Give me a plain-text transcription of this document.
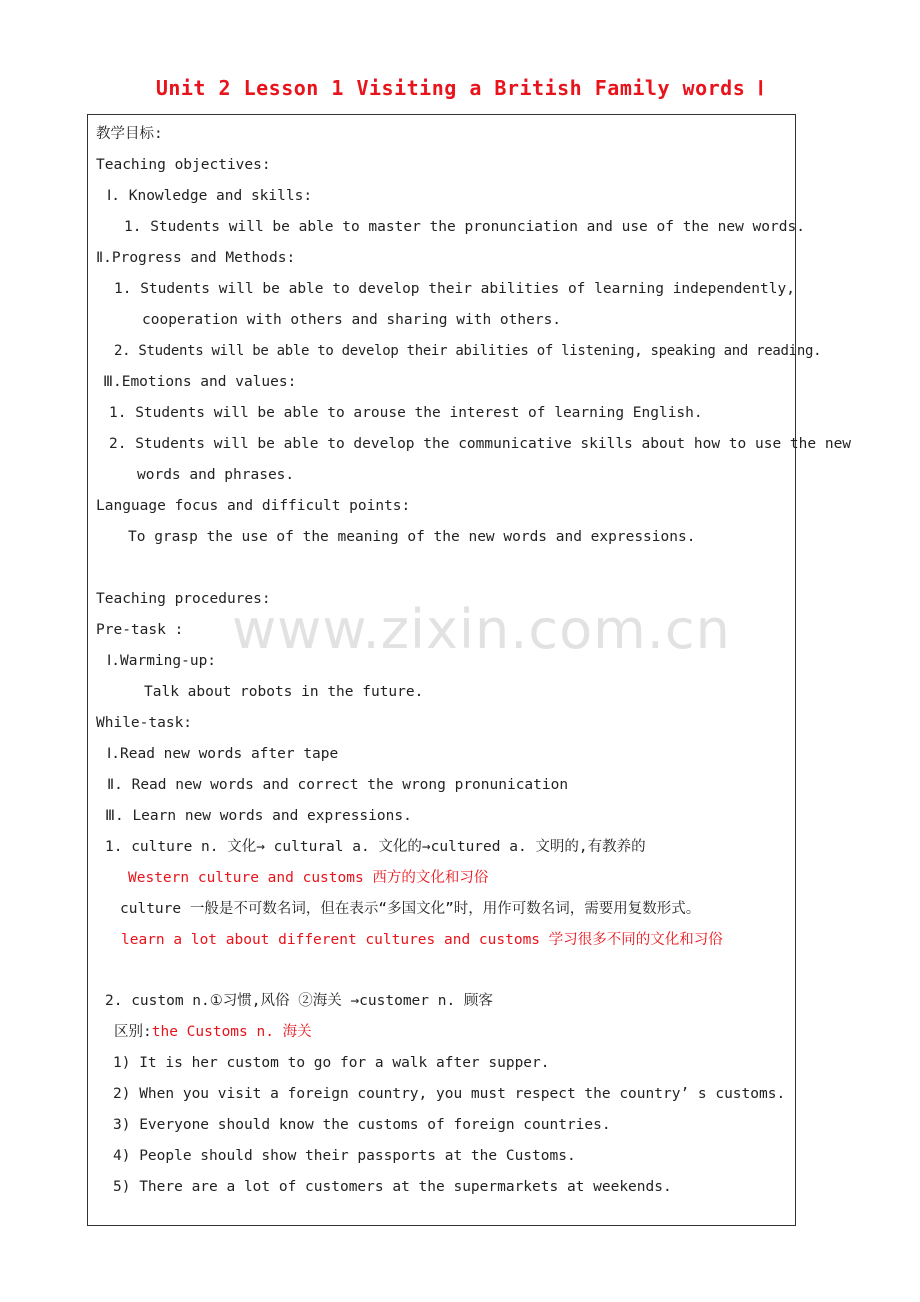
Unit 2 Lesson 1 Visiting a British Family words Ⅰ
www.zixin.com.cn
教学目标:
Teaching objectives:
Ⅰ. Knowledge and skills:
1. Students will be able to master the pronunciation and use of the new words.
Ⅱ.Progress and Methods:
1. Students will be able to develop their abilities of learning independently,
cooperation with others and sharing with others.
2. Students will be able to develop their abilities of listening, speaking and reading.
Ⅲ.Emotions and values:
1. Students will be able to arouse the interest of learning English.
2. Students will be able to develop the communicative skills about how to use the new
words and phrases.
Language focus and difficult points:
To grasp the use of the meaning of the new words and expressions.
Teaching procedures:
Pre-task :
Ⅰ.Warming-up:
Talk about robots in the future.
While-task:
Ⅰ.Read new words after tape
Ⅱ. Read new words and correct the wrong pronunication
Ⅲ. Learn new words and expressions.
1. culture n. 文化→ cultural a. 文化的→cultured a. 文明的,有教养的
Western culture and customs 西方的文化和习俗
culture 一般是不可数名词，但在表示“多国文化”时，用作可数名词，需要用复数形式。
learn a lot about different cultures and customs 学习很多不同的文化和习俗
2. custom n.①习惯,风俗 ②海关 →customer n. 顾客
区别:the Customs n. 海关
1) It is her custom to go for a walk after supper.
2) When you visit a foreign country, you must respect the country’ s customs.
3) Everyone should know the customs of foreign countries.
4) People should show their passports at the Customs.
5) There are a lot of customers at the supermarkets at weekends.
